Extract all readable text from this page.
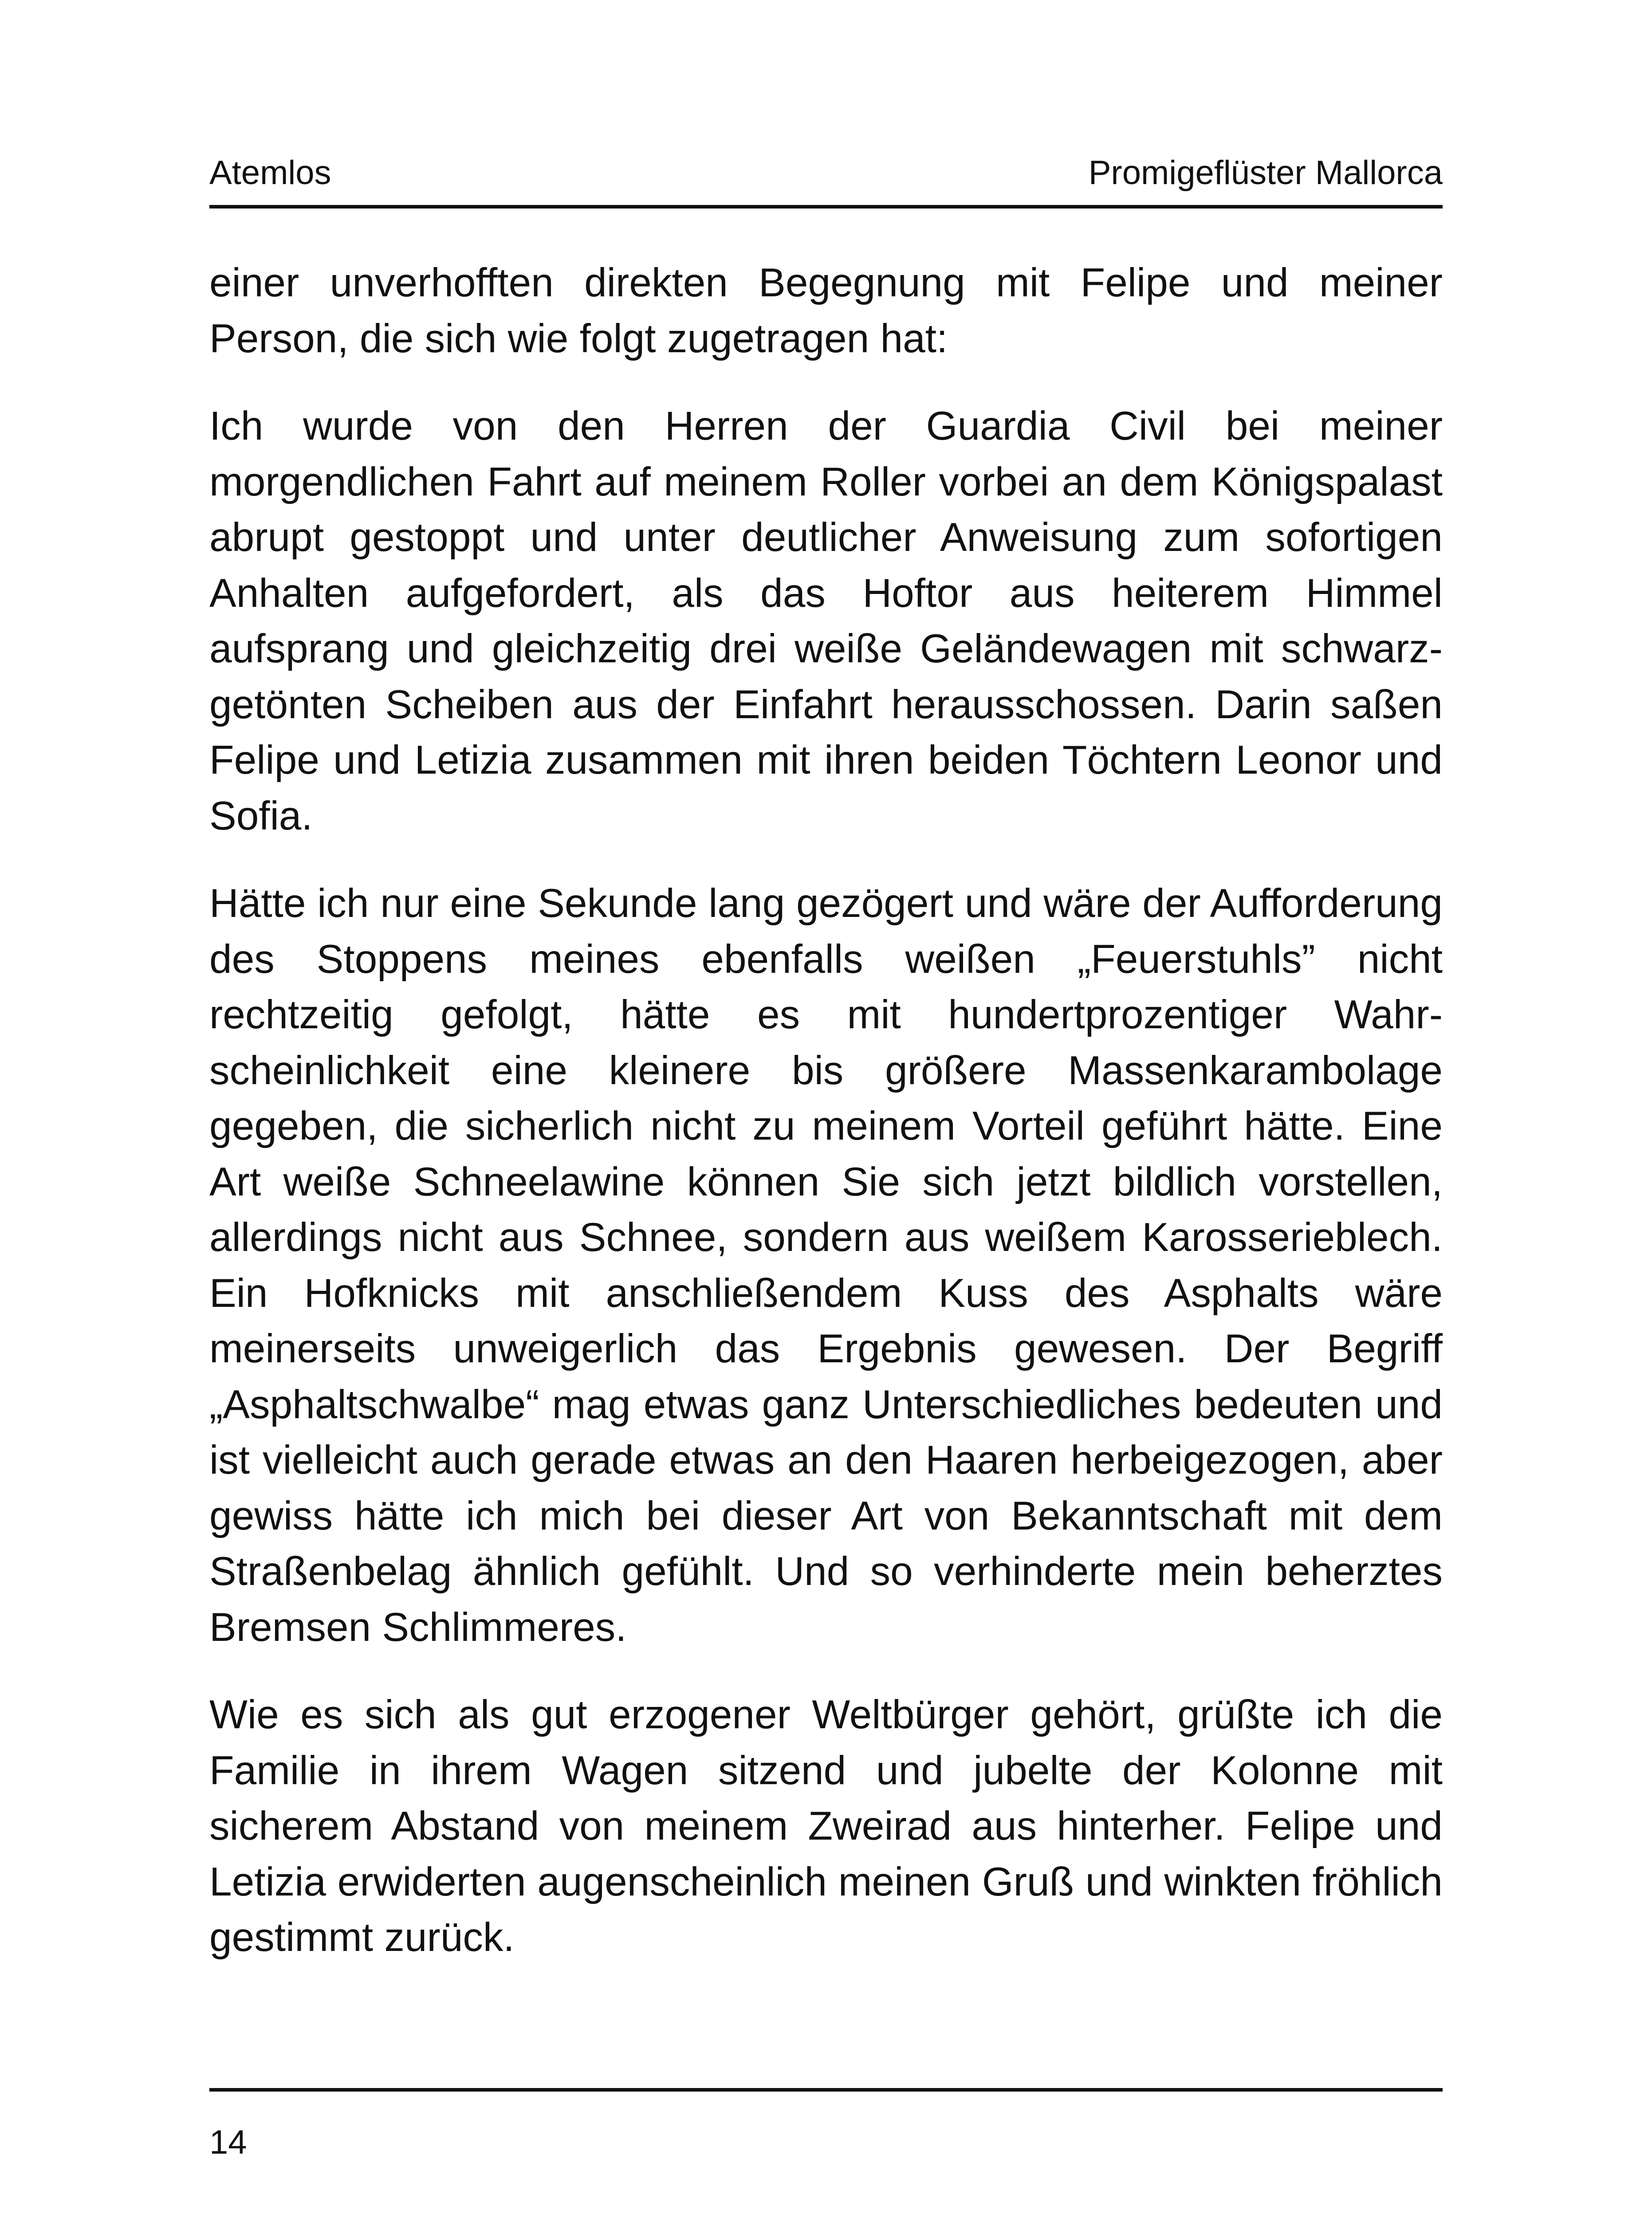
Atemlos	Promigeflüster Mallorca

einer unverhofften direkten Begegnung mit Felipe und meiner Person, die sich wie folgt zugetragen hat:

Ich wurde von den Herren der Guardia Civil bei meiner morgendlichen Fahrt auf meinem Roller vorbei an dem Königspalast abrupt gestoppt und unter deutlicher Anweisung zum sofortigen Anhalten aufgefordert, als das Hoftor aus heiterem Himmel aufsprang und gleichzeitig drei weiße Geländewagen mit schwarzgetönten Scheiben aus der Einfahrt herausschossen. Darin saßen Felipe und Letizia zusammen mit ihren beiden Töchtern Leonor und Sofia.

Hätte ich nur eine Sekunde lang gezögert und wäre der Aufforderung des Stoppens meines ebenfalls weißen „Feuerstuhls” nicht rechtzeitig gefolgt, hätte es mit hundertprozentiger Wahrscheinlichkeit eine kleinere bis größere Massenkarambolage gegeben, die sicherlich nicht zu meinem Vorteil geführt hätte. Eine Art weiße Schneelawine können Sie sich jetzt bildlich vorstellen, allerdings nicht aus Schnee, sondern aus weißem Karosserieblech. Ein Hofknicks mit anschließendem Kuss des Asphalts wäre meinerseits unweigerlich das Ergebnis gewesen. Der Begriff „Asphaltschwalbe“ mag etwas ganz Unterschiedliches bedeuten und ist vielleicht auch gerade etwas an den Haaren herbeigezogen, aber gewiss hätte ich mich bei dieser Art von Bekanntschaft mit dem Straßenbelag ähnlich gefühlt. Und so verhinderte mein beherztes Bremsen Schlimmeres.

Wie es sich als gut erzogener Weltbürger gehört, grüßte ich die Familie in ihrem Wagen sitzend und jubelte der Kolonne mit sicherem Abstand von meinem Zweirad aus hinterher. Felipe und Letizia erwiderten augenscheinlich meinen Gruß und winkten fröhlich gestimmt zurück.

14
